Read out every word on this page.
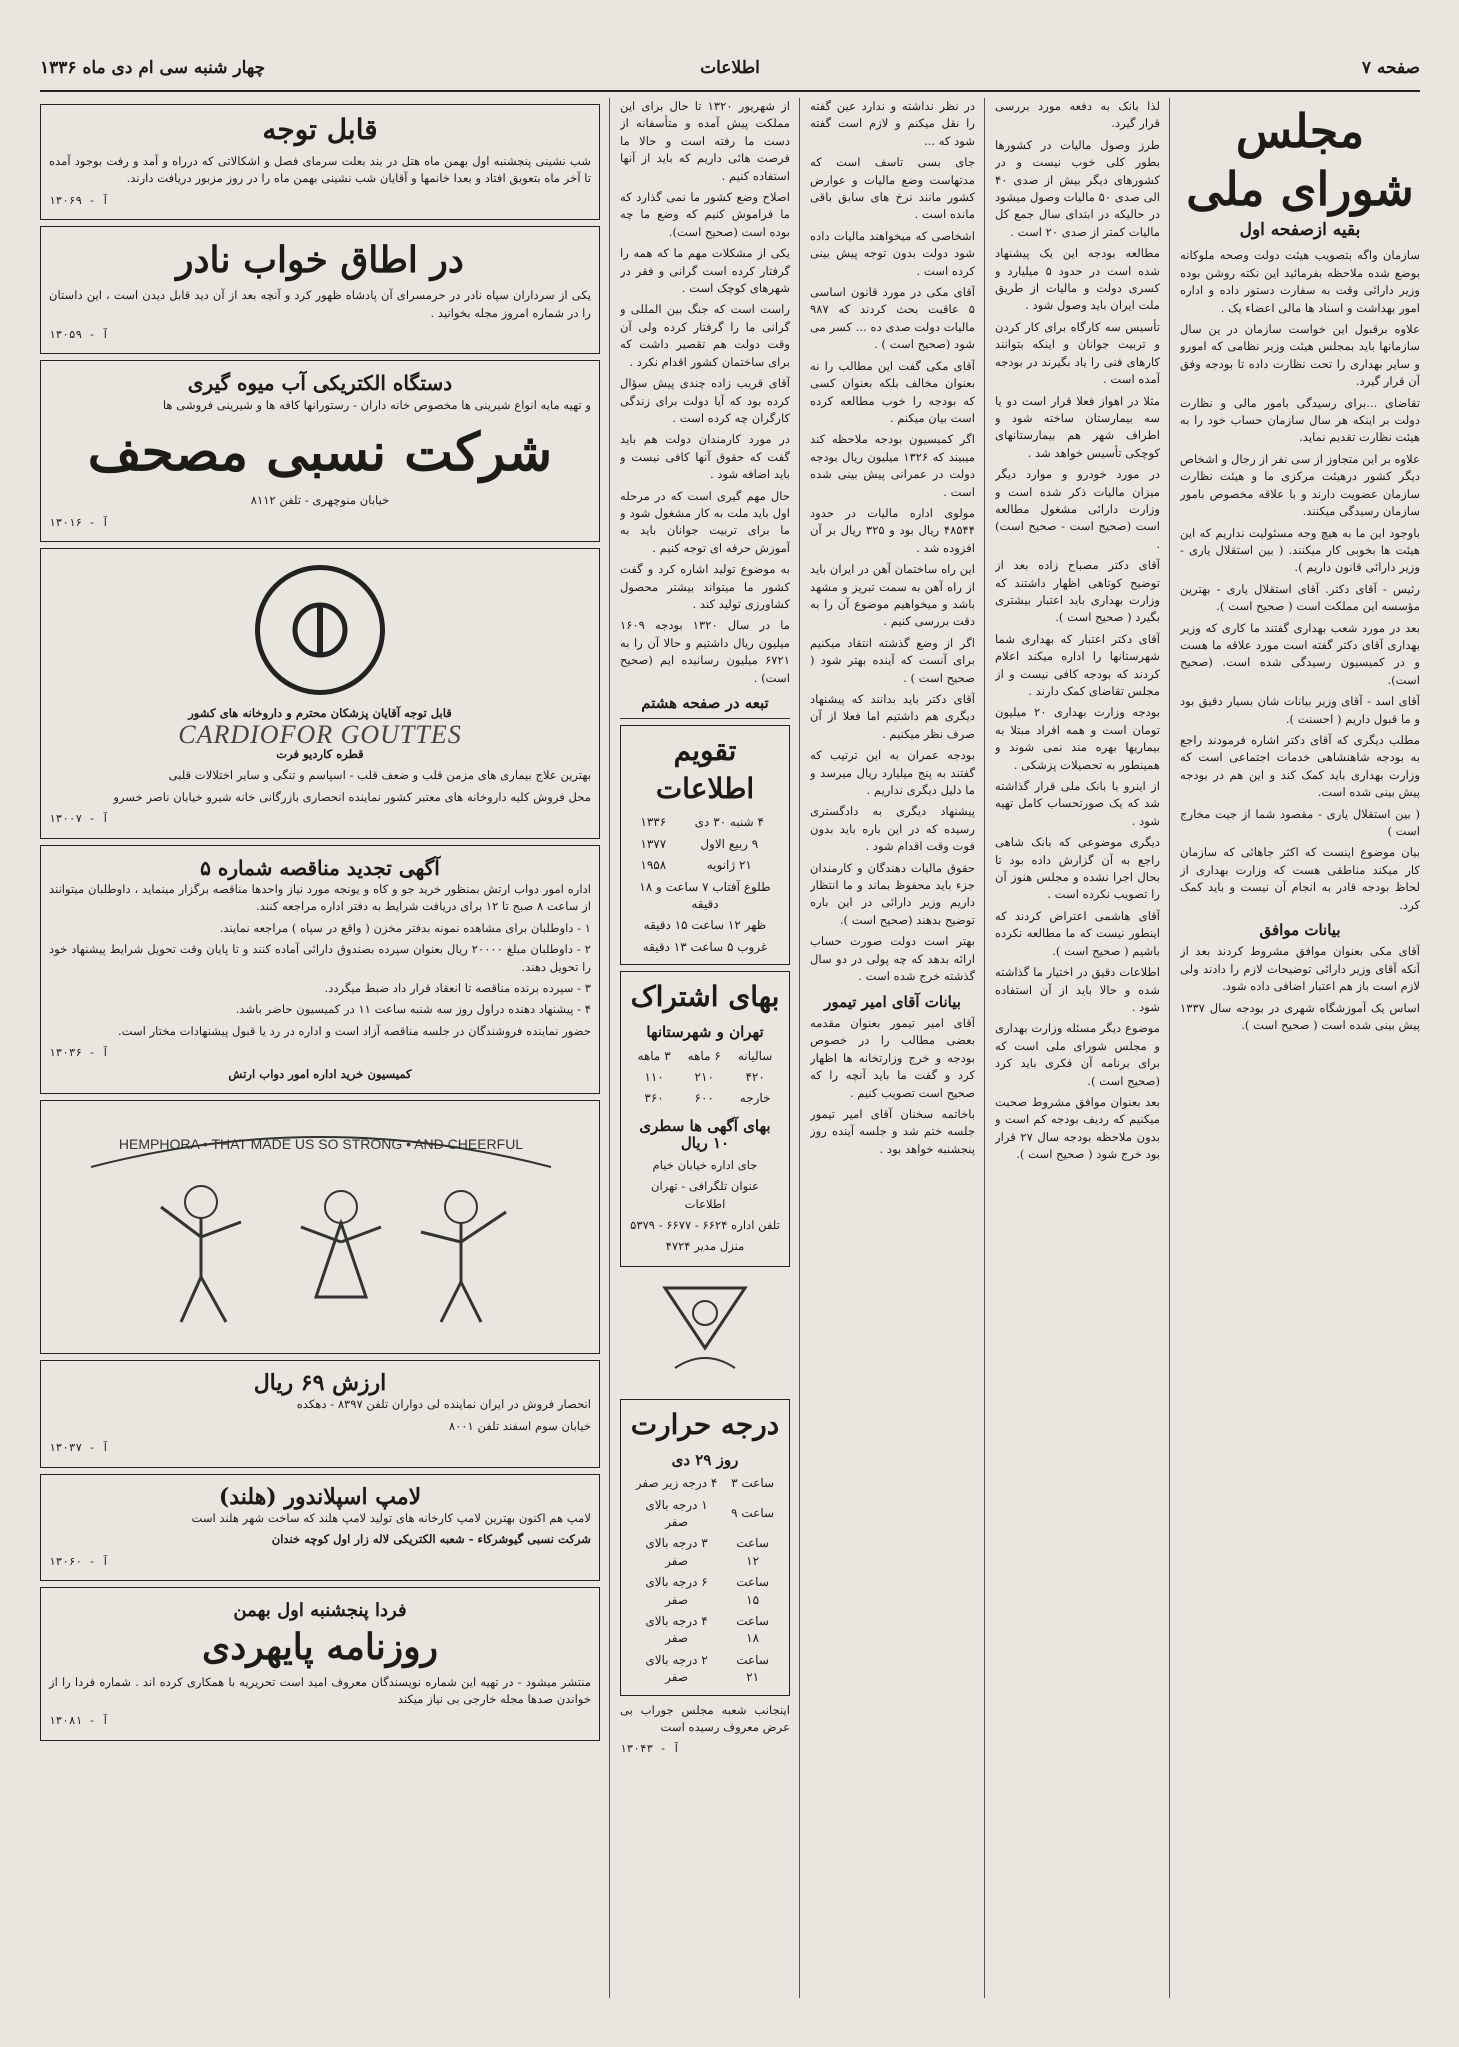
صفحه ۷
اطلاعات
چهار شنبه سی ام دی ماه ۱۳۳۶
مجلس شورای ملی
بقیه ازصفحه اول

سازمان واگه بتصویب هیئت دولت وصحه ملوکانه بوضع شده ملاحظه بفرمائید این نکته روشن بوده وزیر دارائی وقت به سفارت دستور داده و اداره امور بهداشت و اسناد ها مالی اعضاء یک .

علاوه برقبول این خواست سازمان در ین سال سازمانها باید بمجلس هیئت وزیر نظامی که امورو و سایر بهداری را تحت نظارت داده تا بودجه وفق آن قرار گیرد.

تقاضای ...برای رسیدگی بامور مالی و نظارت دولت بر اینکه هر سال سازمان حساب خود را به هیئت نظارت تقدیم نماید.

علاوه بر این متجاوز از سی نفر از رجال و اشخاص دیگر کشور درهیئت مرکزی ما و هیئت نظارت سازمان عضویت دارند و با علاقه مخصوص بامور سازمان رسیدگی میکنند.

باوجود این ما به هیچ وجه مسئولیت نداریم که این هیئت ها بخوبی کار میکنند. ( بین استقلال یاری - وزیر دارائی قانون داریم ).

رئیس - آقای دکتر. آقای استقلال یاری - بهترین مؤسسه این مملکت است ( صحیح است ).

بعد در مورد شعب بهداری گفتند ما کاری که وزیر بهداری آقای دکتر گفته است مورد علاقه ما هست و در کمیسیون رسیدگی شده است. (صحیح است).

آقای اسد - آقای وزیر بیانات شان بسیار دقیق بود و ما قبول داریم ( احسنت ).

مطلب دیگری که آقای دکتر اشاره فرمودند راجع به بودجه شاهنشاهی خدمات اجتماعی است که وزارت بهداری باید کمک کند و این هم در بودجه پیش بینی شده است.

( بین استقلال یاری - مقصود شما از جیت مخارج است )

بیان موضوع اینست که اکثر جاهائی که سازمان کار میکند مناطقی هست که وزارت بهداری از لحاظ بودجه قادر به انجام آن نیست و باید کمک کرد.

بیانات موافق

آقای مکی بعنوان موافق مشروط کردند بعد از آنکه آقای وزیر دارائی توضیحات لازم را دادند ولی لازم است باز هم اعتبار اضافی داده شود.

اساس یک آموزشگاه شهری در بودجه سال ۱۳۳۷ پیش بینی شده است ( صحیح است ).

لذا بانک به دفعه مورد بررسی قرار گیرد.

طرز وصول مالیات در کشورها بطور کلی خوب نیست و در کشورهای دیگر بیش از صدی ۴۰ الی صدی ۵۰ مالیات وصول میشود در حالیکه در ابتدای سال جمع کل مالیات کمتر از صدی ۲۰ است .

مطالعه بودجه این یک پیشنهاد شده است در حدود ۵ میلیارد و کسری دولت و مالیات از طریق ملت ایران باید وصول شود .

تأسیس سه کارگاه برای کار کردن و تربیت جوانان و اینکه بتوانند کارهای فنی را یاد بگیرند در بودجه آمده است .

مثلا در اهواز فعلا قرار است دو یا سه بیمارستان ساخته شود و اطراف شهر هم بیمارستانهای کوچکی تأسیس خواهد شد .

در مورد خودرو و موارد دیگر میزان مالیات ذکر شده است و وزارت دارائی مشغول مطالعه است (صحیح است - صحیح است) .

آقای دکتر مصباح زاده بعد از توضیح کوتاهی اظهار داشتند که وزارت بهداری باید اعتبار بیشتری بگیرد ( صحیح است ).

آقای دکتر اعتبار که بهداری شما شهرستانها را اداره میکند اعلام کردند که بودجه کافی نیست و از مجلس تقاضای کمک دارند .

بودجه وزارت بهداری ۲۰ میلیون تومان است و همه افراد مبتلا به بیماریها بهره مند نمی شوند و همینطور به تحصیلات پزشکی .

از اینرو با بانک ملی قرار گذاشته شد که یک صورتحساب کامل تهیه شود .

دیگری موضوعی که بانک شاهی راجع به آن گزارش داده بود تا بحال اجرا نشده و مجلس هنوز آن را تصویب نکرده است .

آقای هاشمی اعتراض کردند که اینطور نیست که ما مطالعه نکرده باشیم ( صحیح است ).

اطلاعات دقیق در اختیار ما گذاشته شده و حالا باید از آن استفاده شود .

موضوع دیگر مسئله وزارت بهداری و مجلس شورای ملی است که برای برنامه آن فکری باید کرد (صحیح است ).

بعد بعنوان موافق مشروط صحبت میکنیم که ردیف بودجه کم است و بدون ملاحظه بودجه سال ۲۷ قرار بود خرج شود ( صحیح است ).

در نظر نداشته و ندارد عین گفته را نقل میکنم و لازم است گفته شود که ...

جای بسی تاسف است که مدتهاست وضع مالیات و عوارض کشور مانند نرخ های سابق باقی مانده است .

اشخاصی که میخواهند مالیات داده شود دولت بدون توجه پیش بینی کرده است .

آقای مکی در مورد قانون اساسی ۵ عاقبت بحث کردند که ۹۸۷ مالیات دولت صدی ده ... کسر می شود (صحیح است ) .

آقای مکی گفت این مطالب را نه بعنوان مخالف بلکه بعنوان کسی که بودجه را خوب مطالعه کرده است بیان میکنم .

اگر کمیسیون بودجه ملاحظه کند میبیند که ۱۳۲۶ میلیون ریال بودجه دولت در عمرانی پیش بینی شده است .

مولوی اداره مالیات در حدود ۴۸۵۴۴ ریال بود و ۳۲۵ ریال بر آن افزوده شد .

این راه ساختمان آهن در ایران باید از راه آهن به سمت تبریز و مشهد باشد و میخواهیم موضوع آن را به دقت بررسی کنیم .

اگر از وضع گذشته انتقاد میکنیم برای آنست که آینده بهتر شود ( صحیح است ) .

آقای دکتر باید بدانند که پیشنهاد دیگری هم داشتیم اما فعلا از آن صرف نظر میکنیم .

بودجه عمران به این ترتیب که گفتند به پنج میلیارد ریال میرسد و ما دلیل دیگری نداریم .

پیشنهاد دیگری به دادگستری رسیده که در این باره باید بدون فوت وقت اقدام شود .

حقوق مالیات دهندگان و کارمندان جزء باید محفوظ بماند و ما انتظار داریم وزیر دارائی در این باره توضیح بدهند (صحیح است ).

بهتر است دولت صورت حساب ارائه بدهد که چه پولی در دو سال گذشته خرج شده است .

بیانات آقای امیر تیمور

آقای امیر تیمور بعنوان مقدمه بعضی مطالب را در خصوص بودجه و خرج وزارتخانه ها اظهار کرد و گفت ما باید آنچه را که صحیح است تصویب کنیم .

باخاتمه سخنان آقای امیر تیمور جلسه ختم شد و جلسه آینده روز پنجشنبه خواهد بود .

از شهریور ۱۳۲۰ تا حال برای این مملکت پیش آمده و متأسفانه از دست ما رفته است و حالا ما فرصت هائی داریم که باید از آنها استفاده کنیم .

اصلاح وضع کشور ما نمی گذارد که ما فراموش کنیم که وضع ما چه بوده است (صحیح است).

یکی از مشکلات مهم ما که همه را گرفتار کرده است گرانی و فقر در شهرهای کوچک است .

راست است که جنگ بین المللی و گرانی ما را گرفتار کرده ولی آن وقت دولت هم تقصیر داشت که برای ساختمان کشور اقدام نکرد .

آقای قریب زاده چندی پیش سؤال کرده بود که آیا دولت برای زندگی کارگران چه کرده است .

در مورد کارمندان دولت هم باید گفت که حقوق آنها کافی نیست و باید اضافه شود .

حال مهم گیری است که در مرحله اول باید ملت به کار مشغول شود و ما برای تربیت جوانان باید به آموزش حرفه ای توجه کنیم .

به موضوع تولید اشاره کرد و گفت کشور ما میتواند بیشتر محصول کشاورزی تولید کند .

ما در سال ۱۳۲۰ بودجه ۱۶۰۹ میلیون ریال داشتیم و حالا آن را به ۶۷۲۱ میلیون رسانیده ایم (صحیح است) .

تبعه در صفحه هشتم
تقویم اطلاعات
۴ شنبه ۳۰ دی	۱۳۳۶
۹ ربیع الاول	۱۳۷۷
۲۱ ژانویه	۱۹۵۸
طلوع آفتاب ۷ ساعت و ۱۸ دقیقه	
ظهر ۱۲ ساعت ۱۵ دقیقه	
غروب ۵ ساعت ۱۳ دقیقه	
بهای اشتراک
تهران و شهرستانها
سالیانه	۶ ماهه	۳ ماهه
۴۲۰	۲۱۰	۱۱۰
خارجه	۶۰۰	۳۶۰
بهای آگهی ها سطری ۱۰ ریال

جای اداره خیابان خیام

عنوان تلگرافی - تهران اطلاعات

تلفن اداره ۶۶۲۴ - ۶۶۷۷ - ۵۳۷۹

منزل مدیر ۴۷۲۴

درجه حرارت
روز ۲۹ دی
ساعت ۳	۴ درجه زیر صفر
ساعت ۹	۱ درجه بالای صفر
ساعت ۱۲	۳ درجه بالای صفر
ساعت ۱۵	۶ درجه بالای صفر
ساعت ۱۸	۴ درجه بالای صفر
ساعت ۲۱	۲ درجه بالای صفر

اینجانب شعبه مجلس جوراب بی عرض معروف رسیده است

آ - ۱۳۰۴۳

قابل توجه

شب نشینی پنجشنبه اول بهمن ماه هتل در بند بعلت سرمای فصل و اشکالاتی که درراه و آمد و رفت بوجود آمده تا آخر ماه بتعویق افتاد و بعدا خانمها و آقایان شب نشینی بهمن ماه را در روز مزبور دریافت دارند.

آ - ۱۳۰۶۹

در اطاق خواب نادر

یکی از سرداران سپاه نادر در حرمسرای آن پادشاه ظهور کرد و آنچه بعد از آن دید قابل دیدن است ، این داستان را در شماره امروز مجله بخوانید .

آ - ۱۳۰۵۹

دستگاه الکتریکی آب میوه گیری

و تهیه مایه انواع شیرینی ها مخصوص خانه داران - رستورانها کافه ها و شیرینی فروشی ها

شرکت نسبی مصحف

خیابان منوچهری - تلفن ۸۱۱۲

آ - ۱۳۰۱۶

قابل توجه آقایان پزشکان محترم و داروخانه های کشور

CARDIOFOR GOUTTES

قطره کاردیو فرت

بهترین علاج بیماری های مزمن قلب و ضعف قلب - اسپاسم و تنگی و سایر اختلالات قلبی

محل فروش کلیه داروخانه های معتبر کشور نماینده انحصاری بازرگانی خانه شیرو خیابان ناصر خسرو

آ - ۱۳۰۰۷

آگهی تجدید مناقصه شماره ۵

اداره امور دواب ارتش بمنظور خرید جو و کاه و یونجه مورد نیاز واحدها مناقصه برگزار مینماید ، داوطلبان میتوانند از ساعت ۸ صبح تا ۱۲ برای دریافت شرایط به دفتر اداره مراجعه کنند.

۱ - داوطلبان برای مشاهده نمونه بدفتر مخزن ( واقع در سپاه ) مراجعه نمایند.

۲ - داوطلبان مبلغ ۲۰۰۰۰ ریال بعنوان سپرده بصندوق دارائی آماده کنند و تا پایان وقت تحویل شرایط پیشنهاد خود را تحویل دهند.

۳ - سپرده برنده مناقصه تا انعقاد قرار داد ضبط میگردد.

۴ - پیشنهاد دهنده دراول روز سه شنبه ساعت ۱۱ در کمیسیون حاضر باشد.

حضور نماینده فروشندگان در جلسه مناقصه آزاد است و اداره در رد یا قبول پیشنهادات مختار است.

آ - ۱۳۰۳۶

کمیسیون خرید اداره امور دواب ارتش

HEMPHORA • THAT MADE US SO STRONG • AND CHEERFUL
ارزش ۶۹ ریال

انحصار فروش در ایران نماینده لی دواران تلفن ۸۳۹۷ - دهکده

خیابان سوم اسفند تلفن ۸۰۰۱

آ - ۱۳۰۳۷

لامپ اسپلاندور (هلند)

لامپ هم اکنون بهترین لامپ کارخانه های تولید لامپ هلند که ساخت شهر هلند است

شرکت نسبی گیوشرکاء - شعبه الکتریکی لاله زار اول کوچه خندان

آ - ۱۳۰۶۰

فردا پنجشنبه اول بهمن
روزنامه پایهردی

منتشر میشود - در تهیه این شماره نویسندگان معروف امید است تحریریه با همکاری کرده اند . شماره فردا را از خواندن صدها مجله خارجی بی نیاز میکند

آ - ۱۳۰۸۱
